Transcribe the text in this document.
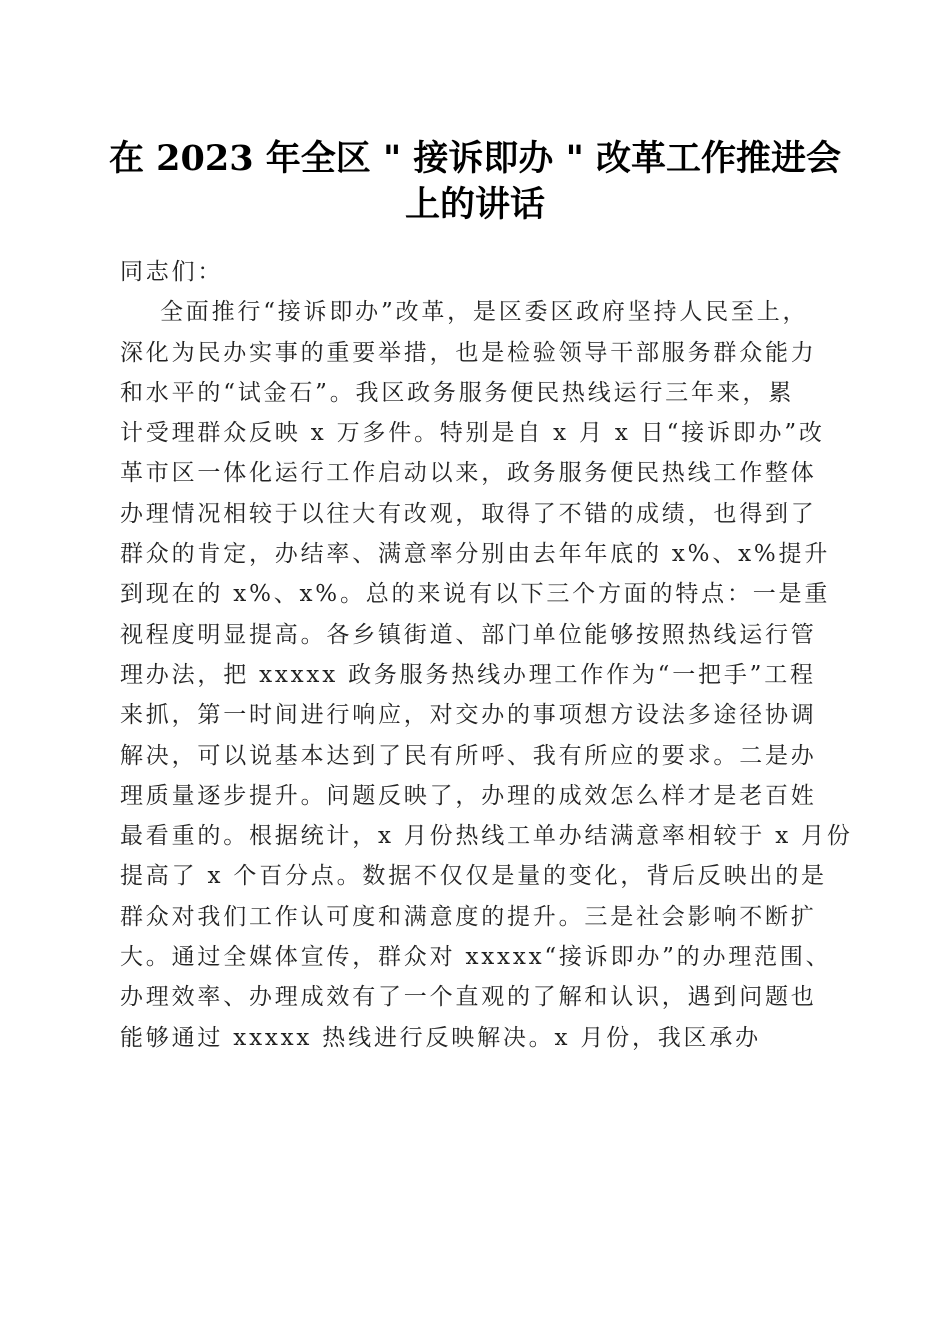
在 2023 年全区 " 接诉即办 " 改革工作推进会
上的讲话
同志们：
全面推行“接诉即办”改革，是区委区政府坚持人民至上，
深化为民办实事的重要举措，也是检验领导干部服务群众能力
和水平的“试金石”。我区政务服务便民热线运行三年来，累
计受理群众反映 x 万多件。特别是自 x 月 x 日“接诉即办”改
革市区一体化运行工作启动以来，政务服务便民热线工作整体
办理情况相较于以往大有改观，取得了不错的成绩，也得到了
群众的肯定，办结率、满意率分别由去年年底的 x%、x%提升
到现在的 x%、x%。总的来说有以下三个方面的特点：一是重
视程度明显提高。各乡镇街道、部门单位能够按照热线运行管
理办法，把 xxxxx 政务服务热线办理工作作为“一把手”工程
来抓，第一时间进行响应，对交办的事项想方设法多途径协调
解决，可以说基本达到了民有所呼、我有所应的要求。二是办
理质量逐步提升。问题反映了，办理的成效怎么样才是老百姓
最看重的。根据统计，x 月份热线工单办结满意率相较于 x 月份
提高了 x 个百分点。数据不仅仅是量的变化，背后反映出的是
群众对我们工作认可度和满意度的提升。三是社会影响不断扩
大。通过全媒体宣传，群众对 xxxxx“接诉即办”的办理范围、
办理效率、办理成效有了一个直观的了解和认识，遇到问题也
能够通过 xxxxx 热线进行反映解决。x 月份，我区承办
